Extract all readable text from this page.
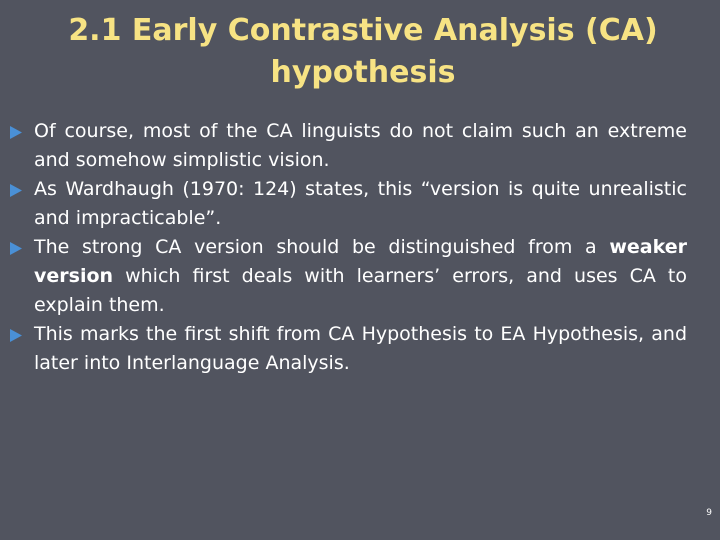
2.1 Early Contrastive Analysis (CA)
hypothesis
Of course, most of the CA linguists do not claim such an extreme and somehow simplistic vision.
As Wardhaugh (1970: 124) states, this “version is quite unrealistic and impracticable”.
The strong CA version should be distinguished from a weaker version which first deals with learners’ errors, and uses CA to explain them.
This marks the first shift from CA Hypothesis to EA Hypothesis, and later into Interlanguage Analysis.
9
